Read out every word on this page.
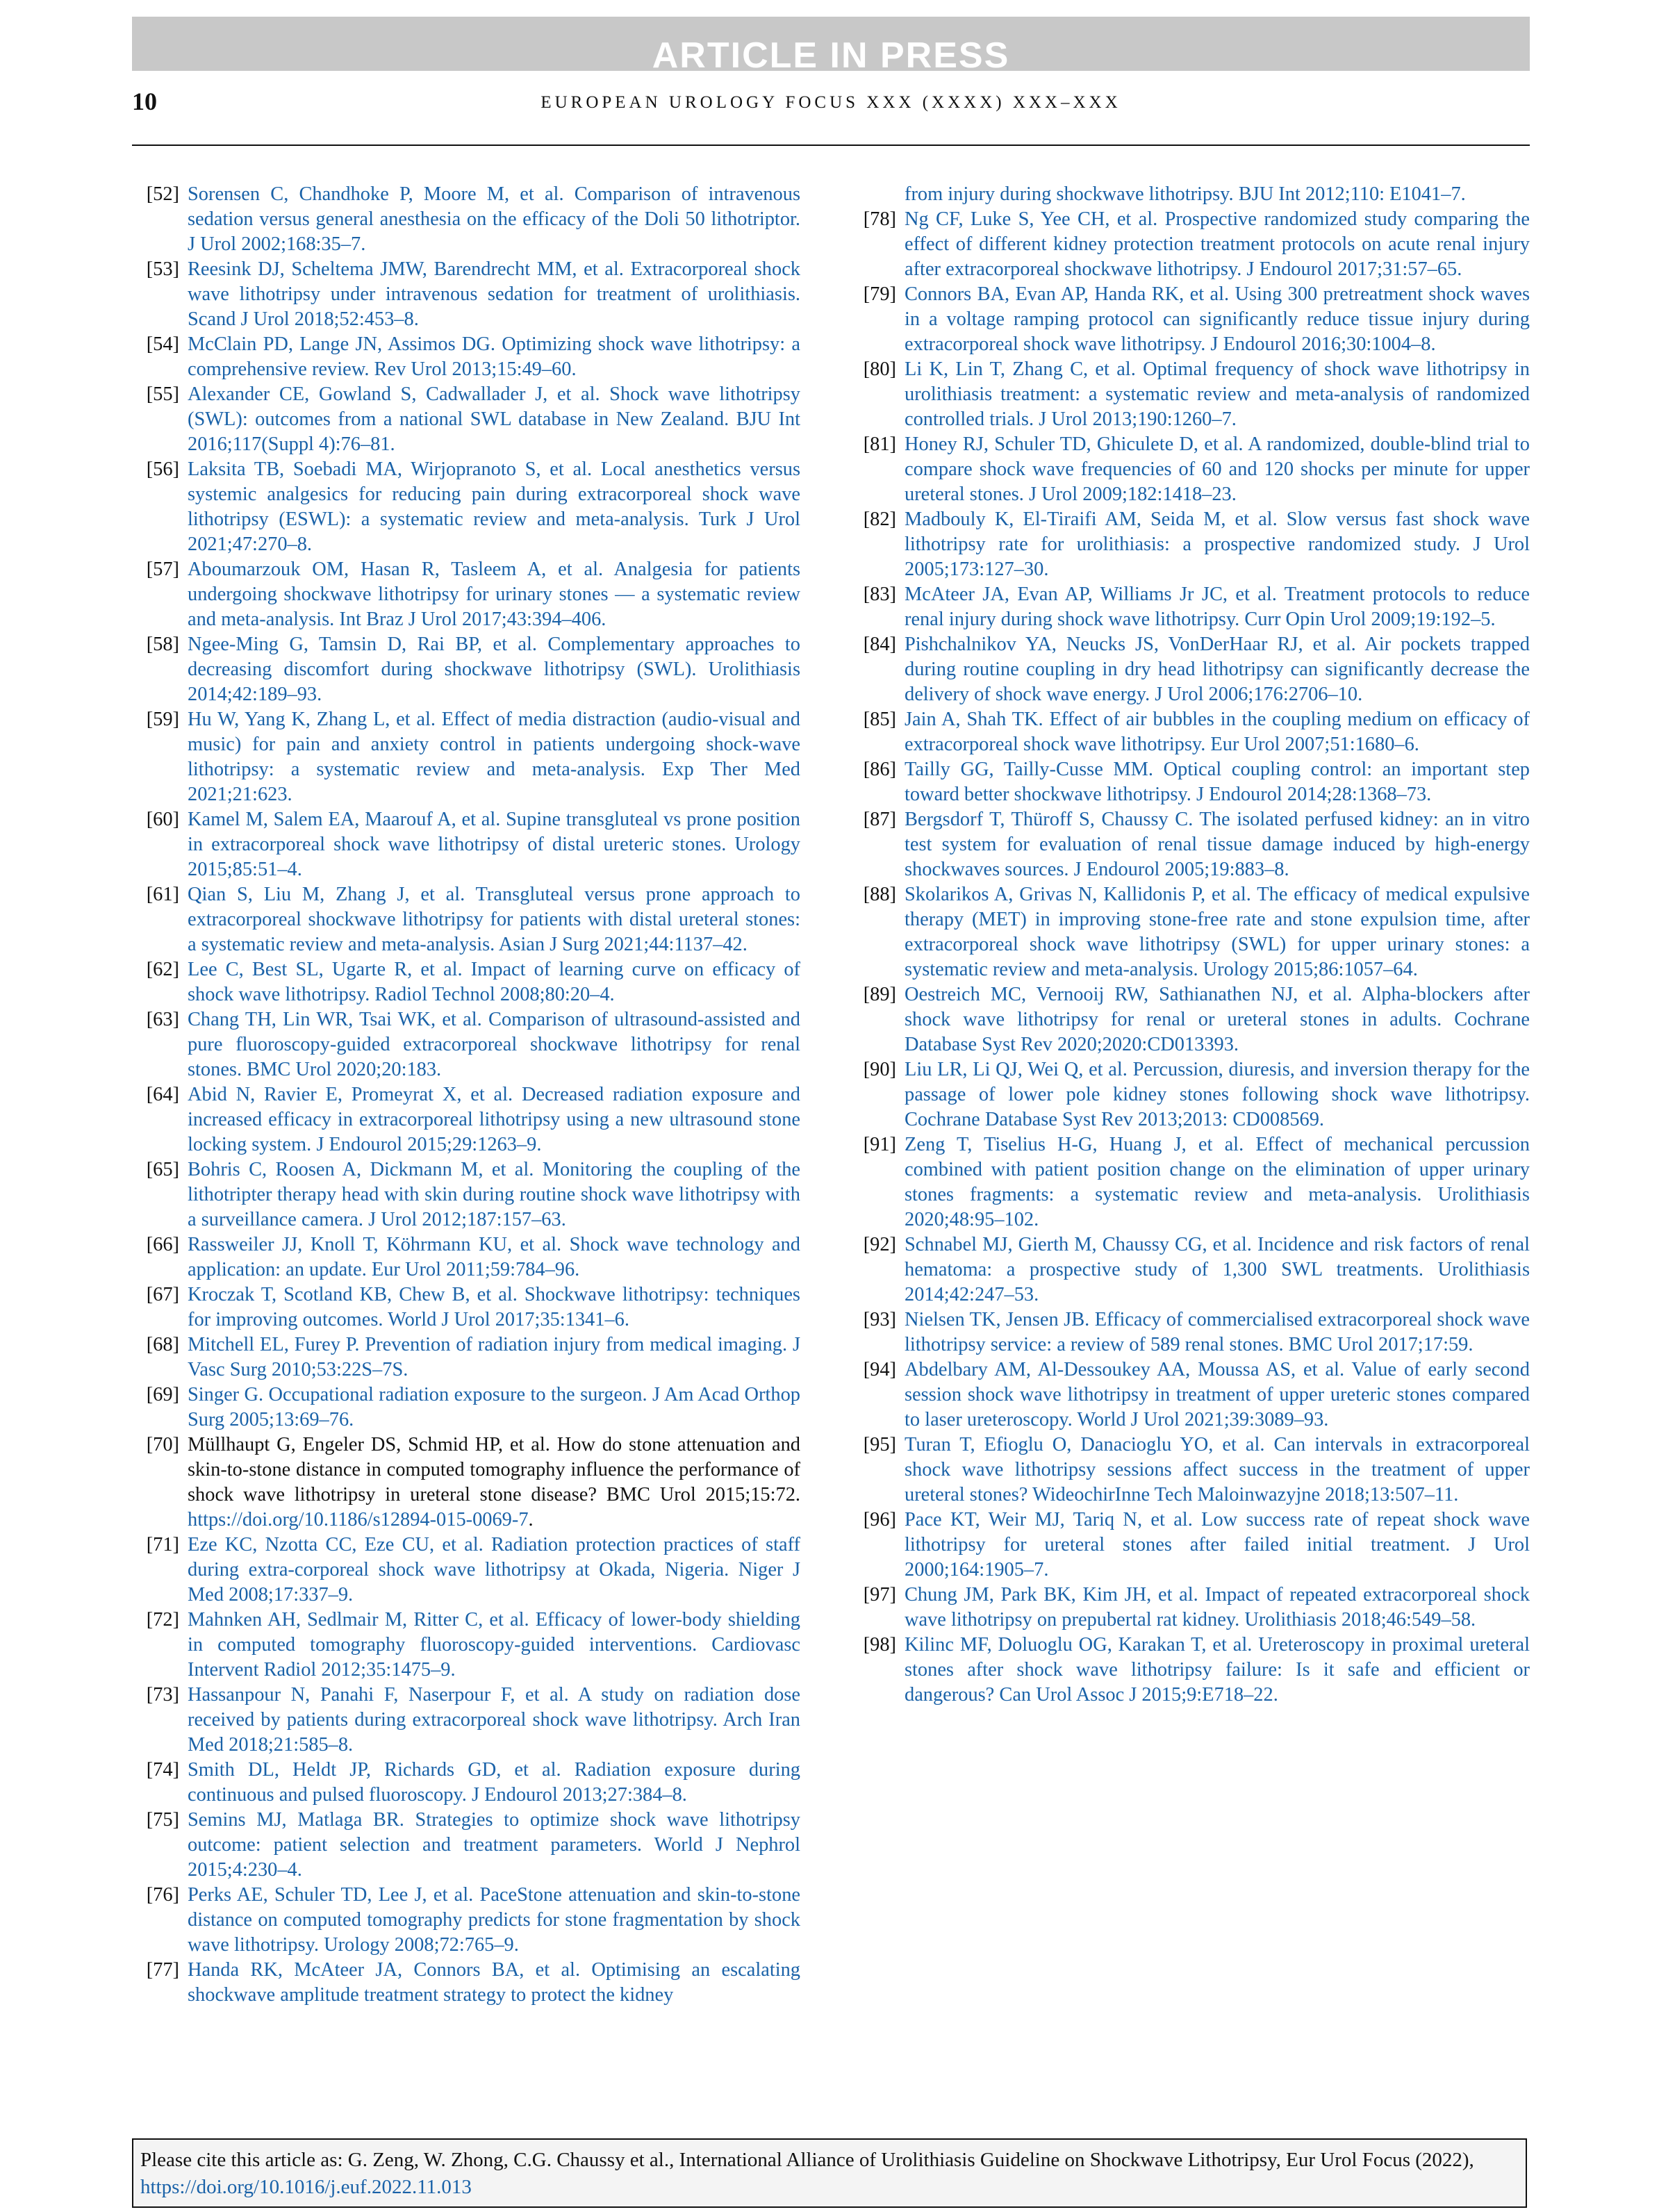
ARTICLE IN PRESS
10	EUROPEAN UROLOGY FOCUS XXX (XXXX) XXX–XXX
[52] Sorensen C, Chandhoke P, Moore M, et al. Comparison of intravenous sedation versus general anesthesia on the efficacy of the Doli 50 lithotriptor. J Urol 2002;168:35–7.
[53] Reesink DJ, Scheltema JMW, Barendrecht MM, et al. Extracorporeal shock wave lithotripsy under intravenous sedation for treatment of urolithiasis. Scand J Urol 2018;52:453–8.
[54] McClain PD, Lange JN, Assimos DG. Optimizing shock wave lithotripsy: a comprehensive review. Rev Urol 2013;15:49–60.
[55] Alexander CE, Gowland S, Cadwallader J, et al. Shock wave lithotripsy (SWL): outcomes from a national SWL database in New Zealand. BJU Int 2016;117(Suppl 4):76–81.
[56] Laksita TB, Soebadi MA, Wirjopranoto S, et al. Local anesthetics versus systemic analgesics for reducing pain during extracorporeal shock wave lithotripsy (ESWL): a systematic review and meta-analysis. Turk J Urol 2021;47:270–8.
[57] Aboumarzouk OM, Hasan R, Tasleem A, et al. Analgesia for patients undergoing shockwave lithotripsy for urinary stones — a systematic review and meta-analysis. Int Braz J Urol 2017;43:394–406.
[58] Ngee-Ming G, Tamsin D, Rai BP, et al. Complementary approaches to decreasing discomfort during shockwave lithotripsy (SWL). Urolithiasis 2014;42:189–93.
[59] Hu W, Yang K, Zhang L, et al. Effect of media distraction (audio-visual and music) for pain and anxiety control in patients undergoing shock-wave lithotripsy: a systematic review and meta-analysis. Exp Ther Med 2021;21:623.
[60] Kamel M, Salem EA, Maarouf A, et al. Supine transgluteal vs prone position in extracorporeal shock wave lithotripsy of distal ureteric stones. Urology 2015;85:51–4.
[61] Qian S, Liu M, Zhang J, et al. Transgluteal versus prone approach to extracorporeal shockwave lithotripsy for patients with distal ureteral stones: a systematic review and meta-analysis. Asian J Surg 2021;44:1137–42.
[62] Lee C, Best SL, Ugarte R, et al. Impact of learning curve on efficacy of shock wave lithotripsy. Radiol Technol 2008;80:20–4.
[63] Chang TH, Lin WR, Tsai WK, et al. Comparison of ultrasound-assisted and pure fluoroscopy-guided extracorporeal shockwave lithotripsy for renal stones. BMC Urol 2020;20:183.
[64] Abid N, Ravier E, Promeyrat X, et al. Decreased radiation exposure and increased efficacy in extracorporeal lithotripsy using a new ultrasound stone locking system. J Endourol 2015;29:1263–9.
[65] Bohris C, Roosen A, Dickmann M, et al. Monitoring the coupling of the lithotripter therapy head with skin during routine shock wave lithotripsy with a surveillance camera. J Urol 2012;187:157–63.
[66] Rassweiler JJ, Knoll T, Köhrmann KU, et al. Shock wave technology and application: an update. Eur Urol 2011;59:784–96.
[67] Kroczak T, Scotland KB, Chew B, et al. Shockwave lithotripsy: techniques for improving outcomes. World J Urol 2017;35:1341–6.
[68] Mitchell EL, Furey P. Prevention of radiation injury from medical imaging. J Vasc Surg 2010;53:22S–7S.
[69] Singer G. Occupational radiation exposure to the surgeon. J Am Acad Orthop Surg 2005;13:69–76.
[70] Müllhaupt G, Engeler DS, Schmid HP, et al. How do stone attenuation and skin-to-stone distance in computed tomography influence the performance of shock wave lithotripsy in ureteral stone disease? BMC Urol 2015;15:72. https://doi.org/10.1186/s12894-015-0069-7.
[71] Eze KC, Nzotta CC, Eze CU, et al. Radiation protection practices of staff during extra-corporeal shock wave lithotripsy at Okada, Nigeria. Niger J Med 2008;17:337–9.
[72] Mahnken AH, Sedlmair M, Ritter C, et al. Efficacy of lower-body shielding in computed tomography fluoroscopy-guided interventions. Cardiovasc Intervent Radiol 2012;35:1475–9.
[73] Hassanpour N, Panahi F, Naserpour F, et al. A study on radiation dose received by patients during extracorporeal shock wave lithotripsy. Arch Iran Med 2018;21:585–8.
[74] Smith DL, Heldt JP, Richards GD, et al. Radiation exposure during continuous and pulsed fluoroscopy. J Endourol 2013;27:384–8.
[75] Semins MJ, Matlaga BR. Strategies to optimize shock wave lithotripsy outcome: patient selection and treatment parameters. World J Nephrol 2015;4:230–4.
[76] Perks AE, Schuler TD, Lee J, et al. PaceStone attenuation and skin-to-stone distance on computed tomography predicts for stone fragmentation by shock wave lithotripsy. Urology 2008;72:765–9.
[77] Handa RK, McAteer JA, Connors BA, et al. Optimising an escalating shockwave amplitude treatment strategy to protect the kidney
from injury during shockwave lithotripsy. BJU Int 2012;110: E1041–7.
[78] Ng CF, Luke S, Yee CH, et al. Prospective randomized study comparing the effect of different kidney protection treatment protocols on acute renal injury after extracorporeal shockwave lithotripsy. J Endourol 2017;31:57–65.
[79] Connors BA, Evan AP, Handa RK, et al. Using 300 pretreatment shock waves in a voltage ramping protocol can significantly reduce tissue injury during extracorporeal shock wave lithotripsy. J Endourol 2016;30:1004–8.
[80] Li K, Lin T, Zhang C, et al. Optimal frequency of shock wave lithotripsy in urolithiasis treatment: a systematic review and meta-analysis of randomized controlled trials. J Urol 2013;190:1260–7.
[81] Honey RJ, Schuler TD, Ghiculete D, et al. A randomized, double-blind trial to compare shock wave frequencies of 60 and 120 shocks per minute for upper ureteral stones. J Urol 2009;182:1418–23.
[82] Madbouly K, El-Tiraifi AM, Seida M, et al. Slow versus fast shock wave lithotripsy rate for urolithiasis: a prospective randomized study. J Urol 2005;173:127–30.
[83] McAteer JA, Evan AP, Williams Jr JC, et al. Treatment protocols to reduce renal injury during shock wave lithotripsy. Curr Opin Urol 2009;19:192–5.
[84] Pishchalnikov YA, Neucks JS, VonDerHaar RJ, et al. Air pockets trapped during routine coupling in dry head lithotripsy can significantly decrease the delivery of shock wave energy. J Urol 2006;176:2706–10.
[85] Jain A, Shah TK. Effect of air bubbles in the coupling medium on efficacy of extracorporeal shock wave lithotripsy. Eur Urol 2007;51:1680–6.
[86] Tailly GG, Tailly-Cusse MM. Optical coupling control: an important step toward better shockwave lithotripsy. J Endourol 2014;28:1368–73.
[87] Bergsdorf T, Thüroff S, Chaussy C. The isolated perfused kidney: an in vitro test system for evaluation of renal tissue damage induced by high-energy shockwaves sources. J Endourol 2005;19:883–8.
[88] Skolarikos A, Grivas N, Kallidonis P, et al. The efficacy of medical expulsive therapy (MET) in improving stone-free rate and stone expulsion time, after extracorporeal shock wave lithotripsy (SWL) for upper urinary stones: a systematic review and meta-analysis. Urology 2015;86:1057–64.
[89] Oestreich MC, Vernooij RW, Sathianathen NJ, et al. Alpha-blockers after shock wave lithotripsy for renal or ureteral stones in adults. Cochrane Database Syst Rev 2020;2020:CD013393.
[90] Liu LR, Li QJ, Wei Q, et al. Percussion, diuresis, and inversion therapy for the passage of lower pole kidney stones following shock wave lithotripsy. Cochrane Database Syst Rev 2013;2013: CD008569.
[91] Zeng T, Tiselius H-G, Huang J, et al. Effect of mechanical percussion combined with patient position change on the elimination of upper urinary stones fragments: a systematic review and meta-analysis. Urolithiasis 2020;48:95–102.
[92] Schnabel MJ, Gierth M, Chaussy CG, et al. Incidence and risk factors of renal hematoma: a prospective study of 1,300 SWL treatments. Urolithiasis 2014;42:247–53.
[93] Nielsen TK, Jensen JB. Efficacy of commercialised extracorporeal shock wave lithotripsy service: a review of 589 renal stones. BMC Urol 2017;17:59.
[94] Abdelbary AM, Al-Dessoukey AA, Moussa AS, et al. Value of early second session shock wave lithotripsy in treatment of upper ureteric stones compared to laser ureteroscopy. World J Urol 2021;39:3089–93.
[95] Turan T, Efioglu O, Danacioglu YO, et al. Can intervals in extracorporeal shock wave lithotripsy sessions affect success in the treatment of upper ureteral stones? WideochirInne Tech Maloinwazyjne 2018;13:507–11.
[96] Pace KT, Weir MJ, Tariq N, et al. Low success rate of repeat shock wave lithotripsy for ureteral stones after failed initial treatment. J Urol 2000;164:1905–7.
[97] Chung JM, Park BK, Kim JH, et al. Impact of repeated extracorporeal shock wave lithotripsy on prepubertal rat kidney. Urolithiasis 2018;46:549–58.
[98] Kilinc MF, Doluoglu OG, Karakan T, et al. Ureteroscopy in proximal ureteral stones after shock wave lithotripsy failure: Is it safe and efficient or dangerous? Can Urol Assoc J 2015;9:E718–22.
Please cite this article as: G. Zeng, W. Zhong, C.G. Chaussy et al., International Alliance of Urolithiasis Guideline on Shockwave Lithotripsy, Eur Urol Focus (2022), https://doi.org/10.1016/j.euf.2022.11.013
